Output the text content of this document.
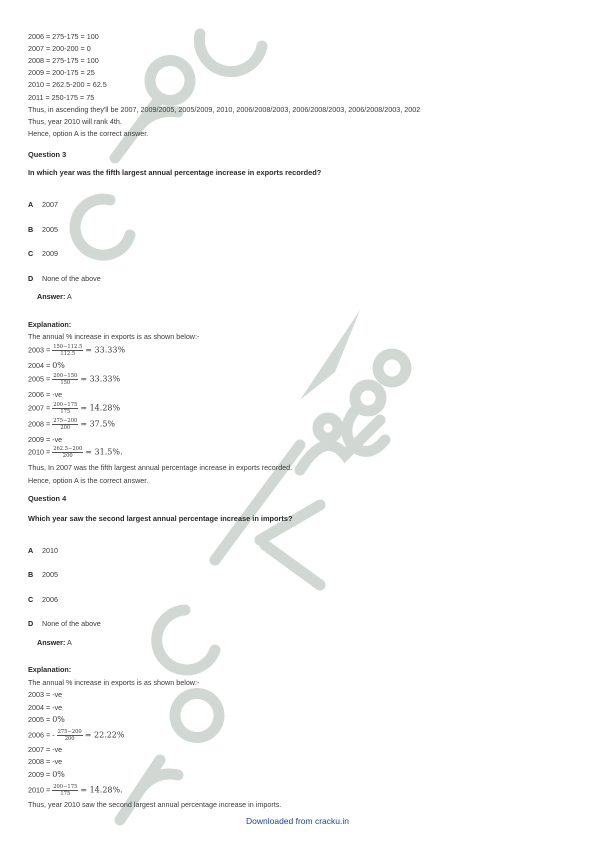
2006 = 275-175 = 100
2007 = 200-200 = 0
2008 = 275-175 = 100
2009 = 200-175 = 25
2010 = 262.5-200 = 62.5
2011 = 250-175 = 75
Thus, in ascending they'll be 2007, 2009/2005, 2005/2009, 2010, 2006/2008/2003, 2006/2008/2003, 2006/2008/2003, 2002
Thus, year 2010 will rank 4th.
Hence, option A is the correct answer.
Question 3
In which year was the fifth largest annual percentage increase in exports recorded?
A 2007
B 2005
C 2009
D None of the above
Answer: A
Explanation:
The annual % increase in exports is as shown below:-
$2003 = \frac{150-112.5}{112.5} = 33.33\%$
2004 = 0%
$2005 = \frac{200-150}{150} = 33.33\%$
2006 = -ve
$2007 = \frac{200-175}{175} = 14.28\%$
$2008 = \frac{275-200}{200} = 37.5\%$
2009 = -ve
$2010 = \frac{262.5-200}{200} = 31.5\%$.
Thus, In 2007 was the fifth largest annual percentage increase in exports recorded.
Hence, option A is the correct answer.
Question 4
Which year saw the second largest annual percentage increase in imports?
A 2010
B 2005
C 2006
D None of the above
Answer: A
Explanation:
The annual % increase in exports is as shown below:-
2003 = -ve
2004 = -ve
2005 = 0%
2006 = - $\frac{275-200}{200} = 22.22\%$
2007 = -ve
2008 = -ve
2009 = 0%
$2010 = \frac{200-175}{175} = 14.28\%$.
Thus, year 2010 saw the second largest annual percentage increase in imports.
Downloaded from cracku.in
